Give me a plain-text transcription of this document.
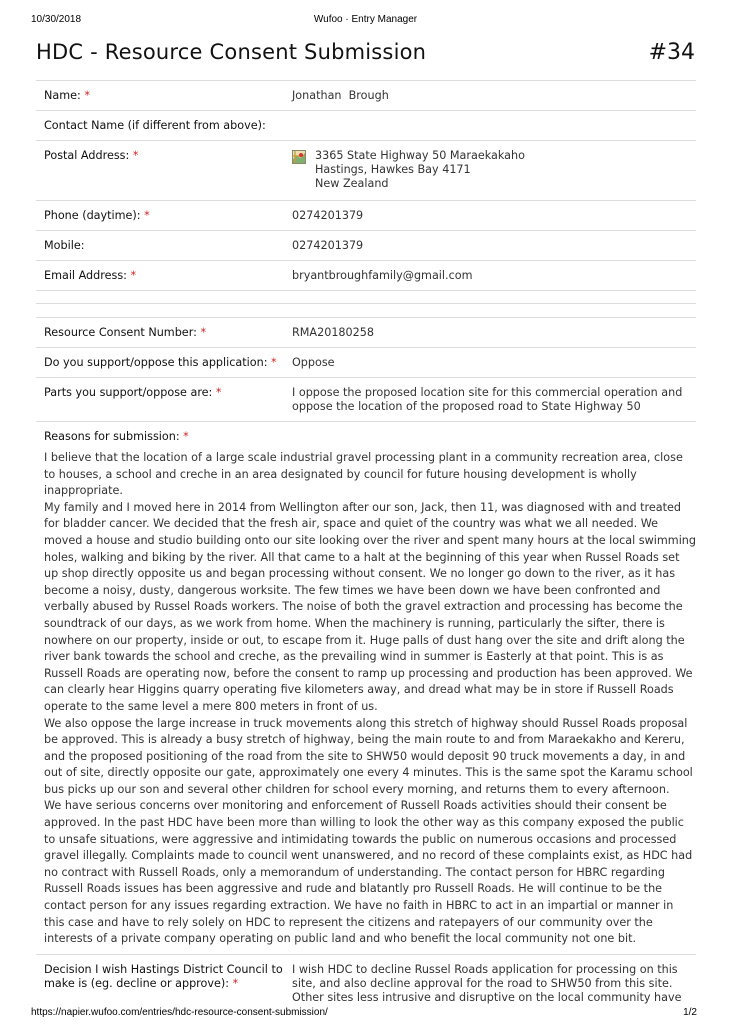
10/30/2018	Wufoo · Entry Manager
HDC - Resource Consent Submission	#34
Name: *	Jonathan  Brough
Contact Name (if different from above):
Postal Address: *	3365 State Highway 50 Maraekakaho
Hastings, Hawkes Bay 4171
New Zealand
Phone (daytime): *	0274201379
Mobile:	0274201379
Email Address: *	bryantbroughfamily@gmail.com
Resource Consent Number: *	RMA20180258
Do you support/oppose this application: *	Oppose
Parts you support/oppose are: *	I oppose the proposed location site for this commercial operation and oppose the location of the proposed road to State Highway 50
Reasons for submission: *

I believe that the location of a large scale industrial gravel processing plant in a community recreation area, close to houses, a school and creche in an area designated by council for future housing development is wholly inappropriate.

My family and I moved here in 2014 from Wellington after our son, Jack, then 11, was diagnosed with and treated for bladder cancer. We decided that the fresh air, space and quiet of the country was what we all needed. We moved a house and studio building onto our site looking over the river and spent many hours at the local swimming holes, walking and biking by the river. All that came to a halt at the beginning of this year when Russel Roads set up shop directly opposite us and began processing without consent. We no longer go down to the river, as it has become a noisy, dusty, dangerous worksite. The few times we have been down we have been confronted and verbally abused by Russel Roads workers. The noise of both the gravel extraction and processing has become the soundtrack of our days, as we work from home. When the machinery is running, particularly the sifter, there is nowhere on our property, inside or out, to escape from it. Huge palls of dust hang over the site and drift along the river bank towards the school and creche, as the prevailing wind in summer is Easterly at that point. This is as Russell Roads are operating now, before the consent to ramp up processing and production has been approved. We can clearly hear Higgins quarry operating five kilometers away, and dread what may be in store if Russell Roads operate to the same level a mere 800 meters in front of us.

We also oppose the large increase in truck movements along this stretch of highway should Russel Roads proposal be approved. This is already a busy stretch of highway, being the main route to and from Maraekakho and Kereru, and the proposed positioning of the road from the site to SHW50 would deposit 90 truck movements a day, in and out of site, directly opposite our gate, approximately one every 4 minutes. This is the same spot the Karamu school bus picks up our son and several other children for school every morning, and returns them to every afternoon.

We have serious concerns over monitoring and enforcement of Russell Roads activities should their consent be approved. In the past HDC have been more than willing to look the other way as this company exposed the public to unsafe situations, were aggressive and intimidating towards the public on numerous occasions and processed gravel illegally. Complaints made to council went unanswered, and no record of these complaints exist, as HDC had no contract with Russell Roads, only a memorandum of understanding. The contact person for HBRC regarding Russell Roads issues has been aggressive and rude and blatantly pro Russell Roads. He will continue to be the contact person for any issues regarding extraction. We have no faith in HBRC to act in an impartial or manner in this case and have to rely solely on HDC to represent the citizens and ratepayers of our community over the interests of a private company operating on public land and who benefit the local community not one bit.

Decision I wish Hastings District Council to make is (eg. decline or approve): *
I wish HDC to decline Russel Roads application for processing on this site, and also decline approval for the road to SHW50 from this site. Other sites less intrusive and disruptive on the local community have
https://napier.wufoo.com/entries/hdc-resource-consent-submission/	1/2
